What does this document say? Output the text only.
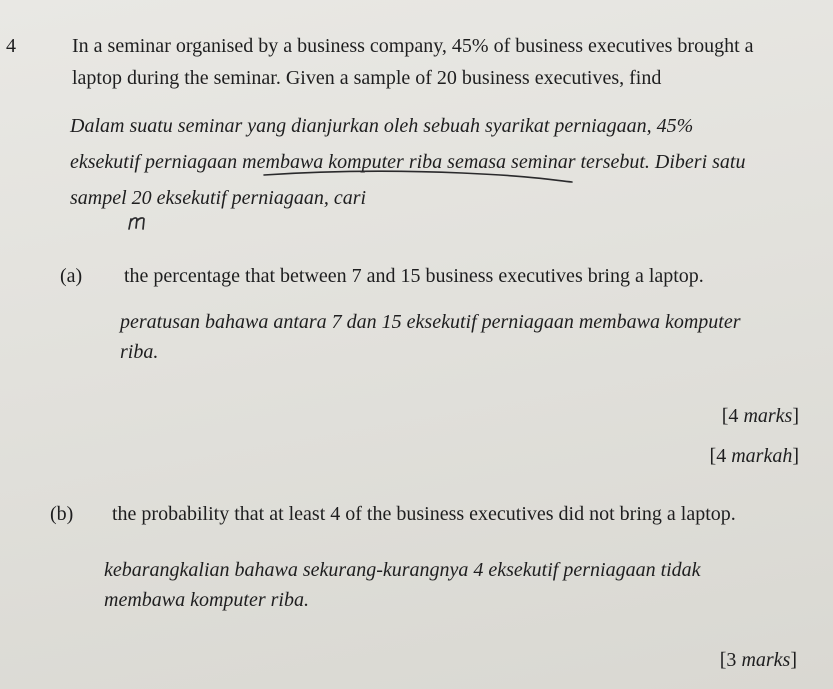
4	In a seminar organised by a business company, 45% of business executives brought a
laptop during the seminar. Given a sample of 20 business executives, find
Dalam suatu seminar yang dianjurkan oleh sebuah syarikat perniagaan, 45%
eksekutif perniagaan membawa komputer riba semasa seminar tersebut. Diberi satu
sampel 20 eksekutif perniagaan, cari
(a) the percentage that between 7 and 15 business executives bring a laptop.
peratusan bahawa antara 7 dan 15 eksekutif perniagaan membawa komputer
riba.
[4 marks]
[4 markah]
(b) the probability that at least 4 of the business executives did not bring a laptop.
kebarangkalian bahawa sekurang-kurangnya 4 eksekutif perniagaan tidak
membawa komputer riba.
[3 marks]
